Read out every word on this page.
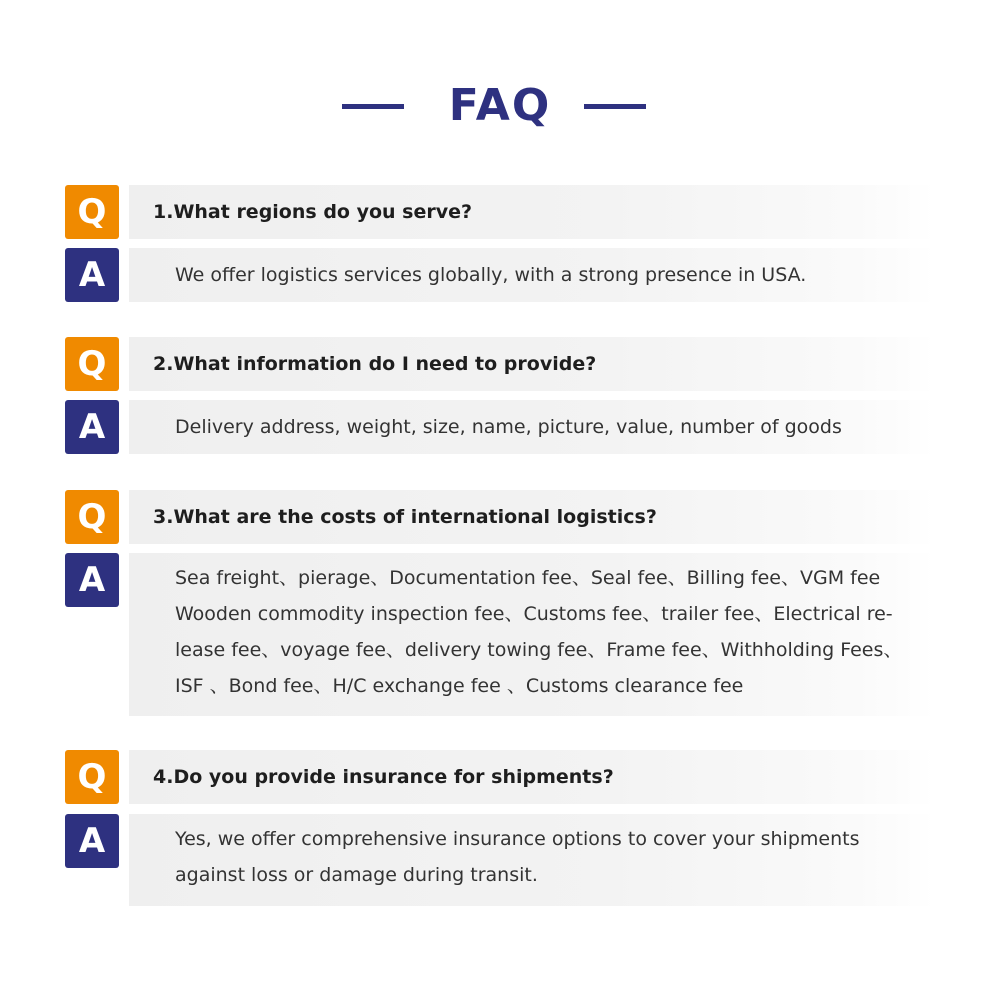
FAQ
Q	1.What regions do you serve?
A	We offer logistics services globally, with a strong presence in USA.
Q	2.What information do I need to provide?
A	Delivery address, weight, size, name, picture, value, number of goods
Q	3.What are the costs of international logistics?
A	Sea freight、pierage、Documentation fee、Seal fee、Billing fee、VGM fee
Wooden commodity inspection fee、Customs fee、trailer fee、Electrical re-
lease fee、voyage fee、delivery towing fee、Frame fee、Withholding Fees、
ISF 、Bond fee、H/C exchange fee 、Customs clearance fee
Q	4.Do you provide insurance for shipments?
A	Yes, we offer comprehensive insurance options to cover your shipments
against loss or damage during transit.
